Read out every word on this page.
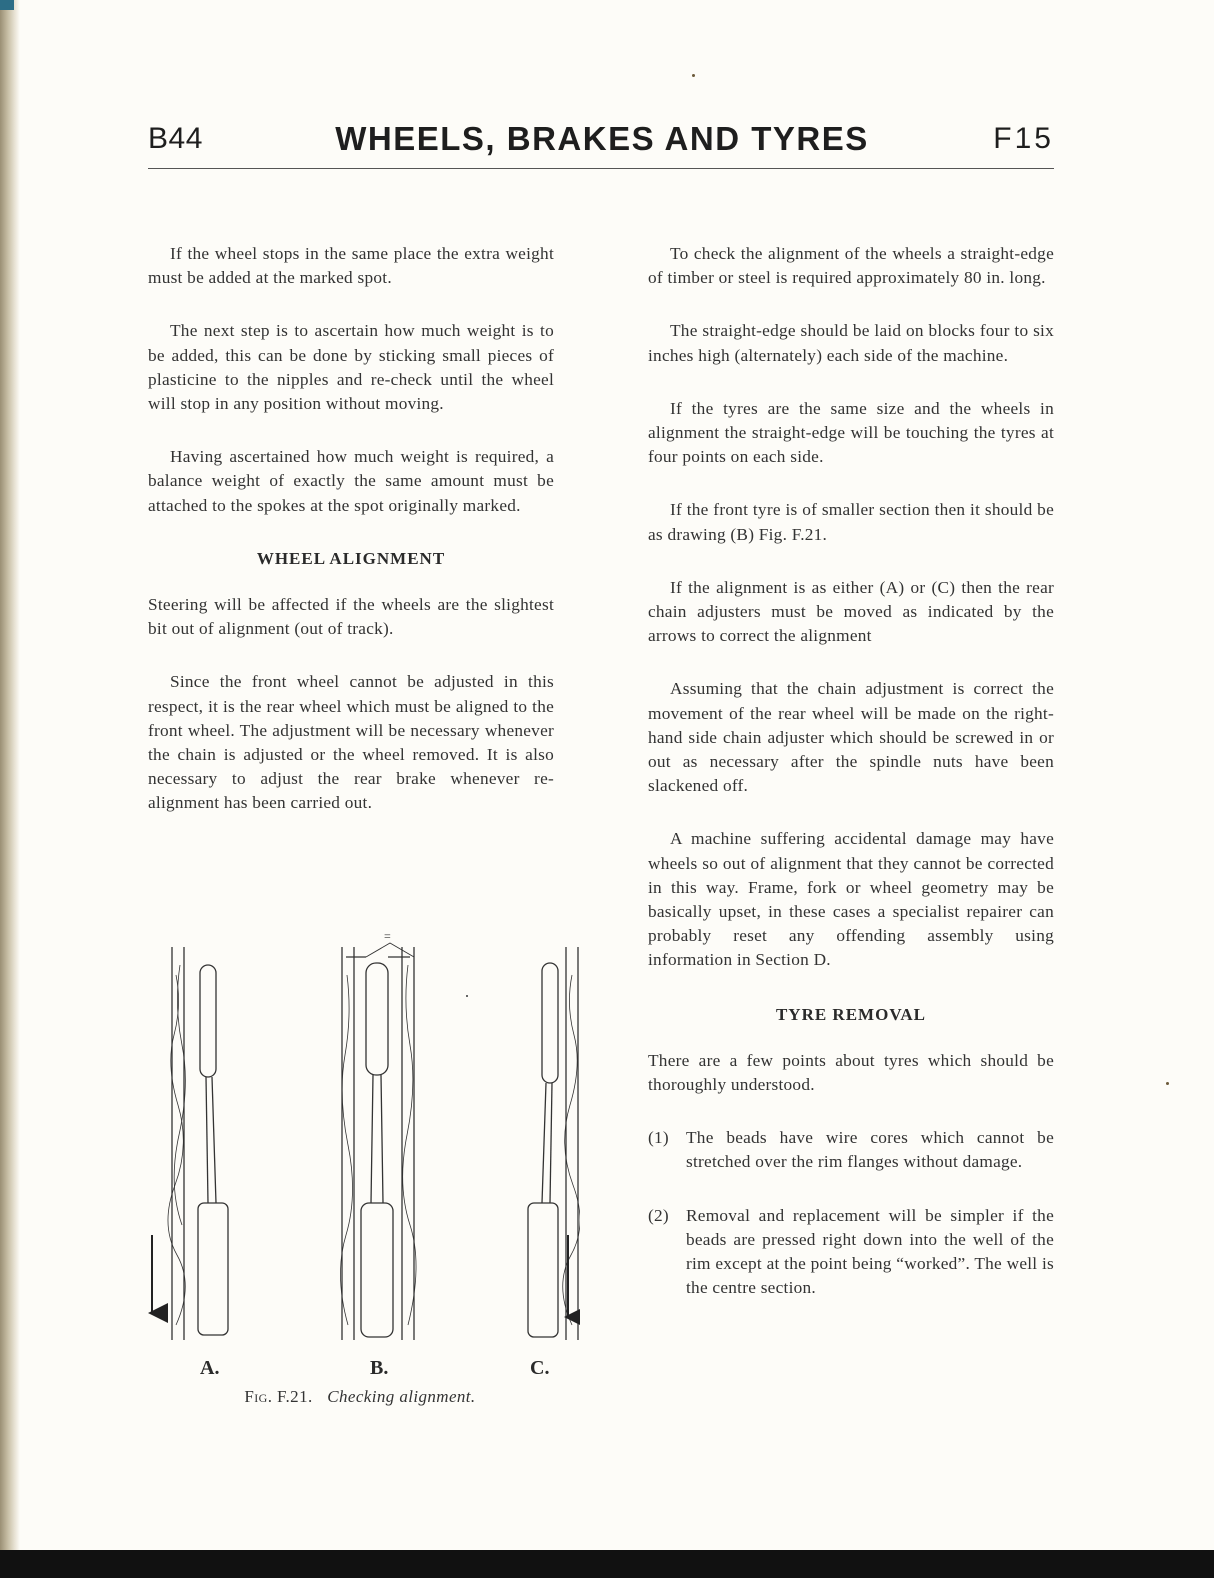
B44	WHEELS, BRAKES AND TYRES	F15

If the wheel stops in the same place the extra weight must be added at the marked spot.

The next step is to ascertain how much weight is to be added, this can be done by sticking small pieces of plasticine to the nipples and re-check until the wheel will stop in any position without moving.

Having ascertained how much weight is required, a balance weight of exactly the same amount must be attached to the spokes at the spot originally marked.

WHEEL ALIGNMENT

Steering will be affected if the wheels are the slightest bit out of alignment (out of track).

Since the front wheel cannot be adjusted in this respect, it is the rear wheel which must be aligned to the front wheel. The adjustment will be necessary whenever the chain is adjusted or the wheel removed. It is also necessary to adjust the rear brake whenever re-alignment has been carried out.

To check the alignment of the wheels a straight-edge of timber or steel is required approximately 80 in. long.

The straight-edge should be laid on blocks four to six inches high (alternately) each side of the machine.

If the tyres are the same size and the wheels in alignment the straight-edge will be touching the tyres at four points on each side.

If the front tyre is of smaller section then it should be as drawing (B) Fig. F.21.

If the alignment is as either (A) or (C) then the rear chain adjusters must be moved as indicated by the arrows to correct the alignment

Assuming that the chain adjustment is correct the movement of the rear wheel will be made on the right-hand side chain adjuster which should be screwed in or out as necessary after the spindle nuts have been slackened off.

A machine suffering accidental damage may have wheels so out of alignment that they cannot be corrected in this way. Frame, fork or wheel geometry may be basically upset, in these cases a specialist repairer can probably reset any offending assembly using information in Section D.

TYRE REMOVAL

There are a few points about tyres which should be thoroughly understood.

(1) The beads have wire cores which cannot be stretched over the rim flanges without damage.
(2) Removal and replacement will be simpler if the beads are pressed right down into the well of the rim except at the point being “worked”. The well is the centre section.
=
A.	B.	C.
Fig. F.21. Checking alignment.
